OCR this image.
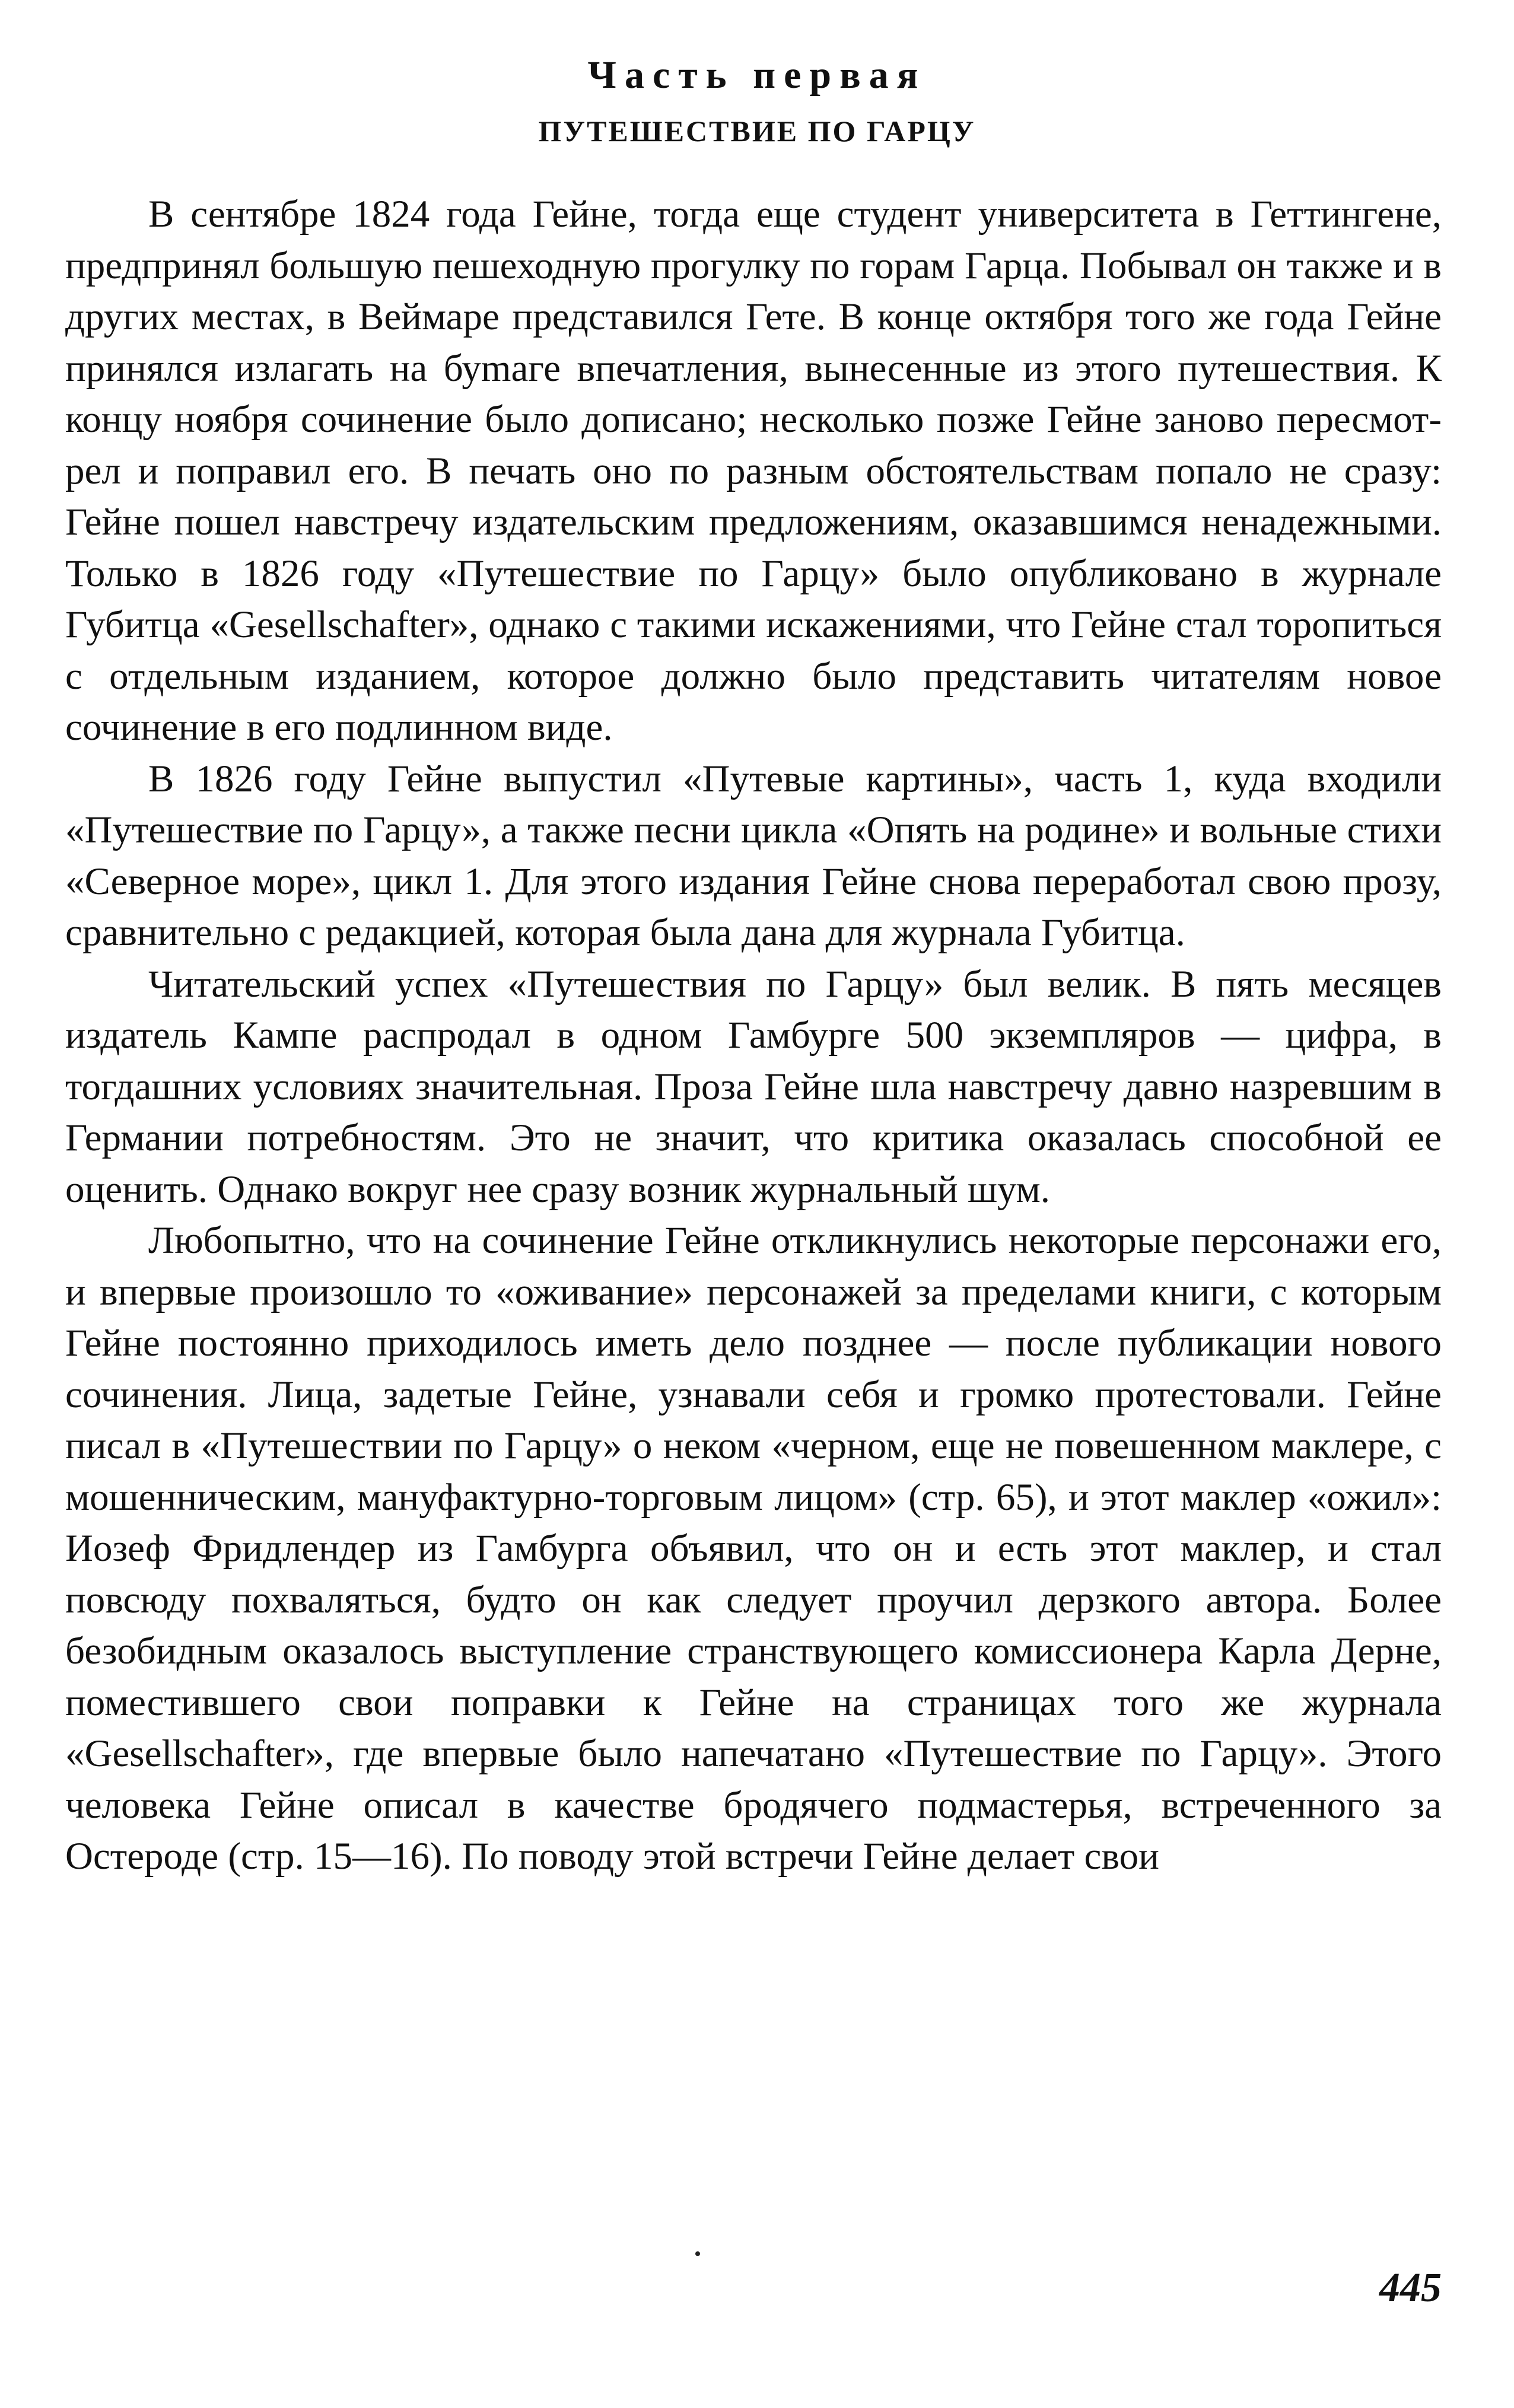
Часть первая
ПУТЕШЕСТВИЕ ПО ГАРЦУ

В сентябре 1824 года Гейне, тогда еще студент университета в Геттингене, предпринял большую пешеходную прогулку по горам Гарца. Побывал он также и в других местах, в Веймаре представился Гете. В конце октября того же года Гейне принялся излагать на буmаге впечатления, вынесенные из этого путешествия. К концу ноября сочинение было дописано; несколько позже Гейне заново пересмотрел и поправил его. В печать оно по разным обстоятельствам попало не сразу: Гейне пошел навстречу издательским предложениям, оказавшимся ненадежными. Только в 1826 году «Путешествие по Гарцу» было опубликовано в журнале Губитца «Gesellschafter», однако с такими искажениями, что Гейне стал торопиться с отдельным изданием, которое должно было представить читателям новое сочинение в его подлинном виде.

В 1826 году Гейне выпустил «Путевые картины», часть 1, куда входили «Путешествие по Гарцу», а также песни цикла «Опять на родине» и вольные стихи «Северное море», цикл 1. Для этого издания Гейне снова переработал свою прозу, сравнительно с редакцией, которая была дана для журнала Губитца.

Читательский успех «Путешествия по Гарцу» был велик. В пять месяцев издатель Кампе распродал в одном Гамбурге 500 экземпляров — цифра, в тогдашних условиях значительная. Проза Гейне шла навстречу давно назревшим в Германии потребностям. Это не значит, что критика оказалась способной ее оценить. Однако вокруг нее сразу возник журнальный шум.

Любопытно, что на сочинение Гейне откликнулись некоторые персонажи его, и впервые произошло то «оживание» персонажей за пределами книги, с которым Гейне постоянно приходилось иметь дело позднее — после публикации нового сочинения. Лица, задетые Гейне, узнавали себя и громко протестовали. Гейне писал в «Путешествии по Гарцу» о неком «черном, еще не повешенном маклере, с мошенническим, мануфактурно-торговым лицом» (стр. 65), и этот маклер «ожил»: Иозеф Фридлендер из Гамбурга объявил, что он и есть этот маклер, и стал повсюду похваляться, будто он как следует проучил дерзкого автора. Более безобидным оказалось выступление странствующего комиссионера Карла Дерне, поместившего свои поправки к Гейне на страницах того же журнала «Gesellschafter», где впервые было напечатано «Путешествие по Гарцу». Этого человека Гейне описал в качестве бродячего подмастерья, встреченного за Остероде (стр. 15—16). По поводу этой встречи Гейне делает свои

445
